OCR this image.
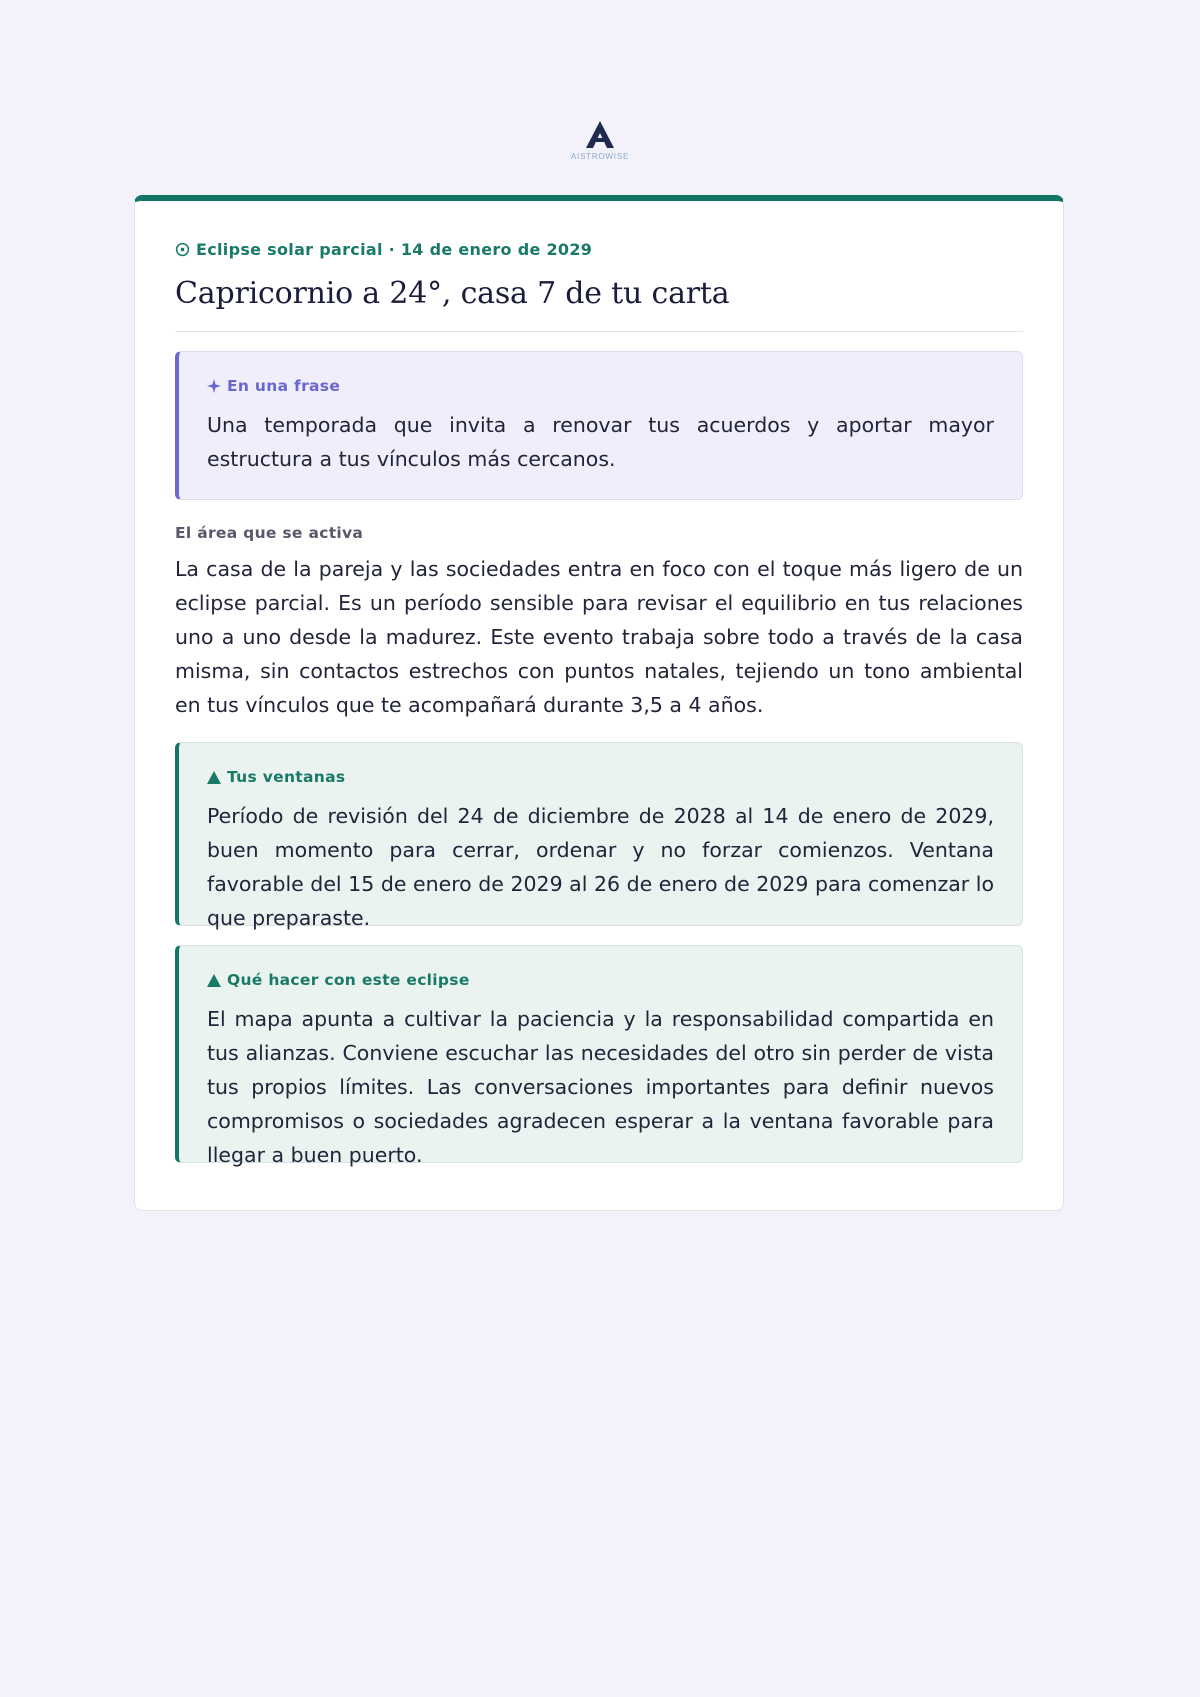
AISTROWISE
Eclipse solar parcial · 14 de enero de 2029
Capricornio a 24°, casa 7 de tu carta
En una frase
Una temporada que invita a renovar tus acuerdos y aportar mayor estructura a tus vínculos más cercanos.
El área que se activa
La casa de la pareja y las sociedades entra en foco con el toque más ligero de un eclipse parcial. Es un período sensible para revisar el equilibrio en tus relaciones uno a uno desde la madurez. Este evento trabaja sobre todo a través de la casa misma, sin contactos estrechos con puntos natales, tejiendo un tono ambiental en tus vínculos que te acompañará durante 3,5 a 4 años.
Tus ventanas
Período de revisión del 24 de diciembre de 2028 al 14 de enero de 2029, buen momento para cerrar, ordenar y no forzar comienzos. Ventana favorable del 15 de enero de 2029 al 26 de enero de 2029 para comenzar lo que preparaste.
Qué hacer con este eclipse
El mapa apunta a cultivar la paciencia y la responsabilidad compartida en tus alianzas. Conviene escuchar las necesidades del otro sin perder de vista tus propios límites. Las conversaciones importantes para definir nuevos compromisos o sociedades agradecen esperar a la ventana favorable para llegar a buen puerto.
